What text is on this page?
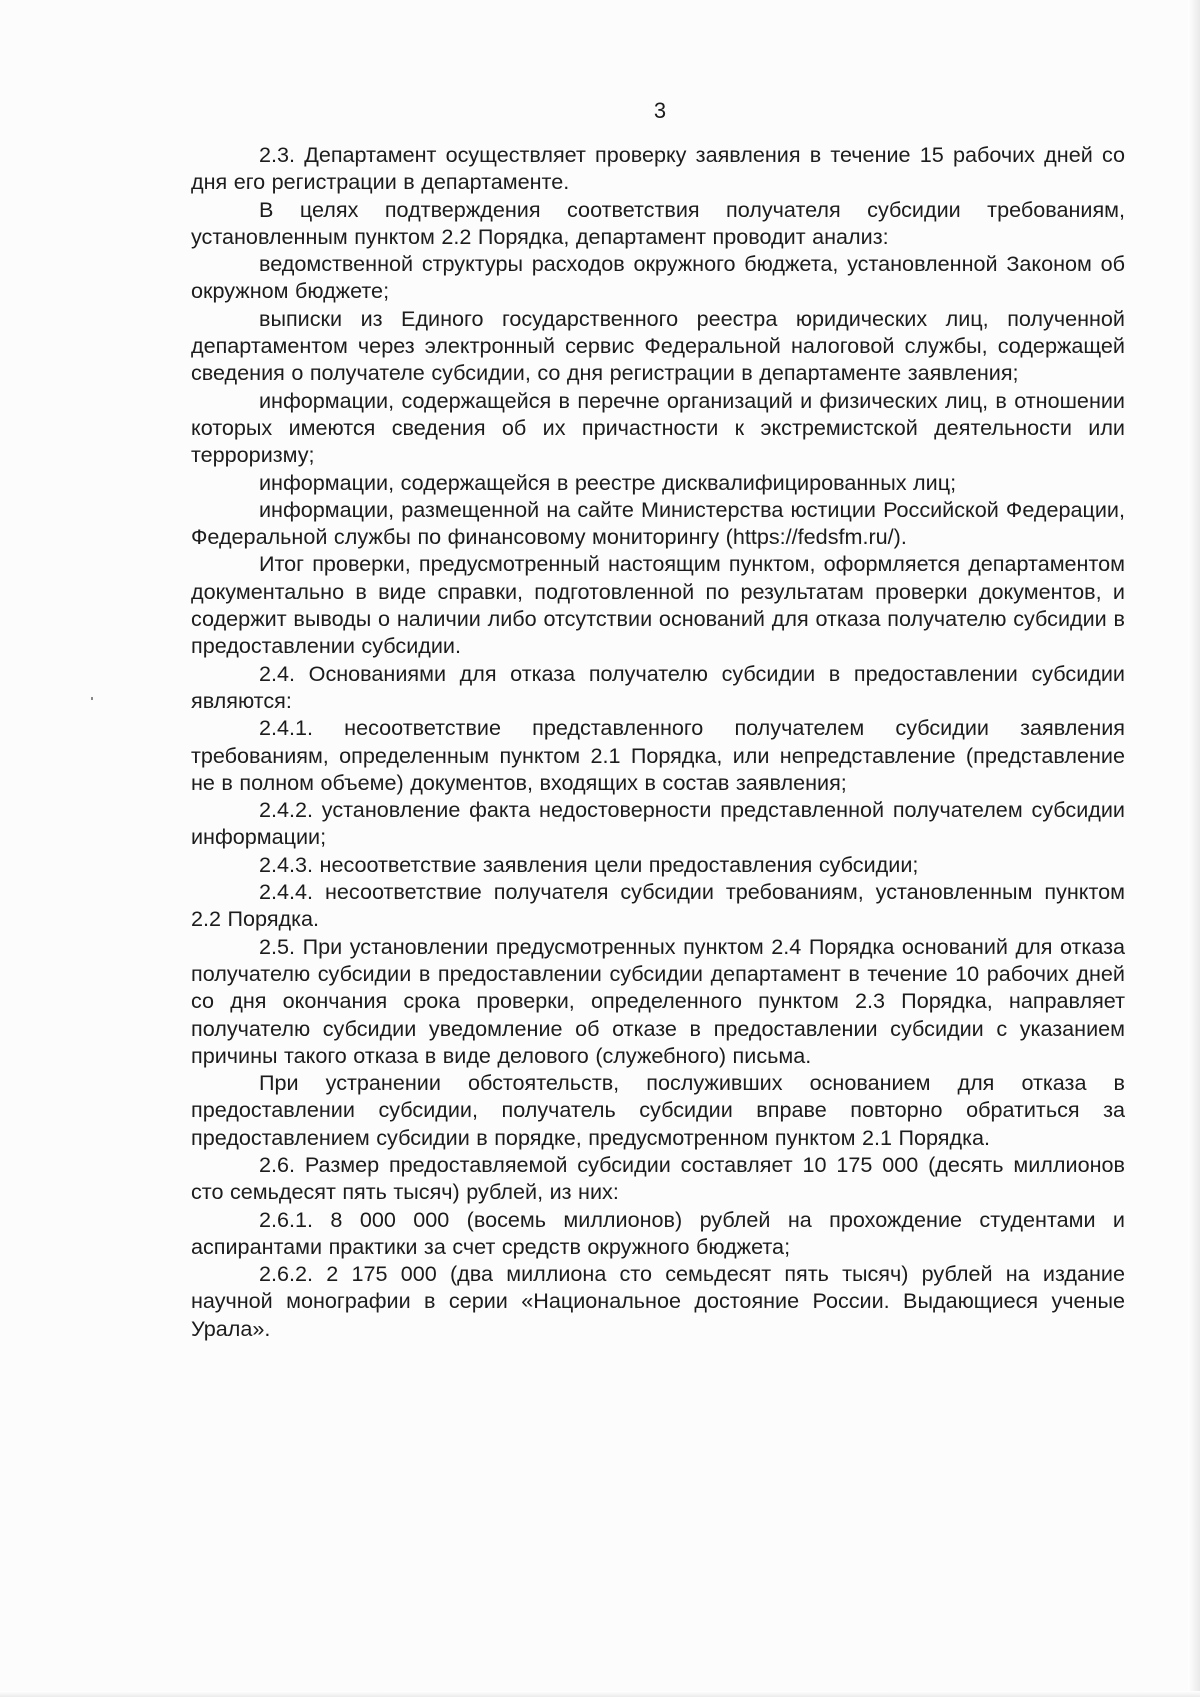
3

2.3. Департамент осуществляет проверку заявления в течение 15 рабочих дней со дня его регистрации в департаменте.

В целях подтверждения соответствия получателя субсидии требованиям, установленным пунктом 2.2 Порядка, департамент проводит анализ:

ведомственной структуры расходов окружного бюджета, установленной Законом об окружном бюджете;

выписки из Единого государственного реестра юридических лиц, полученной департаментом через электронный сервис Федеральной налоговой службы, содержащей сведения о получателе субсидии, со дня регистрации в департаменте заявления;

информации, содержащейся в перечне организаций и физических лиц, в отношении которых имеются сведения об их причастности к экстремистской деятельности или терроризму;

информации, содержащейся в реестре дисквалифицированных лиц;

информации, размещенной на сайте Министерства юстиции Российской Федерации, Федеральной службы по финансовому мониторингу (https://fedsfm.ru/).

Итог проверки, предусмотренный настоящим пунктом, оформляется департаментом документально в виде справки, подготовленной по результатам проверки документов, и содержит выводы о наличии либо отсутствии оснований для отказа получателю субсидии в предоставлении субсидии.

2.4. Основаниями для отказа получателю субсидии в предоставлении субсидии являются:

2.4.1. несоответствие представленного получателем субсидии заявления требованиям, определенным пунктом 2.1 Порядка, или непредставление (представление не в полном объеме) документов, входящих в состав заявления;

2.4.2. установление факта недостоверности представленной получателем субсидии информации;

2.4.3. несоответствие заявления цели предоставления субсидии;

2.4.4. несоответствие получателя субсидии требованиям, установленным пунктом 2.2 Порядка.

2.5. При установлении предусмотренных пунктом 2.4 Порядка оснований для отказа получателю субсидии в предоставлении субсидии департамент в течение 10 рабочих дней со дня окончания срока проверки, определенного пунктом 2.3 Порядка, направляет получателю субсидии уведомление об отказе в предоставлении субсидии с указанием причины такого отказа в виде делового (служебного) письма.

При устранении обстоятельств, послуживших основанием для отказа в предоставлении субсидии, получатель субсидии вправе повторно обратиться за предоставлением субсидии в порядке, предусмотренном пунктом 2.1 Порядка.

2.6. Размер предоставляемой субсидии составляет 10 175 000 (десять миллионов сто семьдесят пять тысяч) рублей, из них:

2.6.1. 8 000 000 (восемь миллионов) рублей на прохождение студентами и аспирантами практики за счет средств окружного бюджета;

2.6.2. 2 175 000 (два миллиона сто семьдесят пять тысяч) рублей на издание научной монографии в серии «Национальное достояние России. Выдающиеся ученые Урала».
